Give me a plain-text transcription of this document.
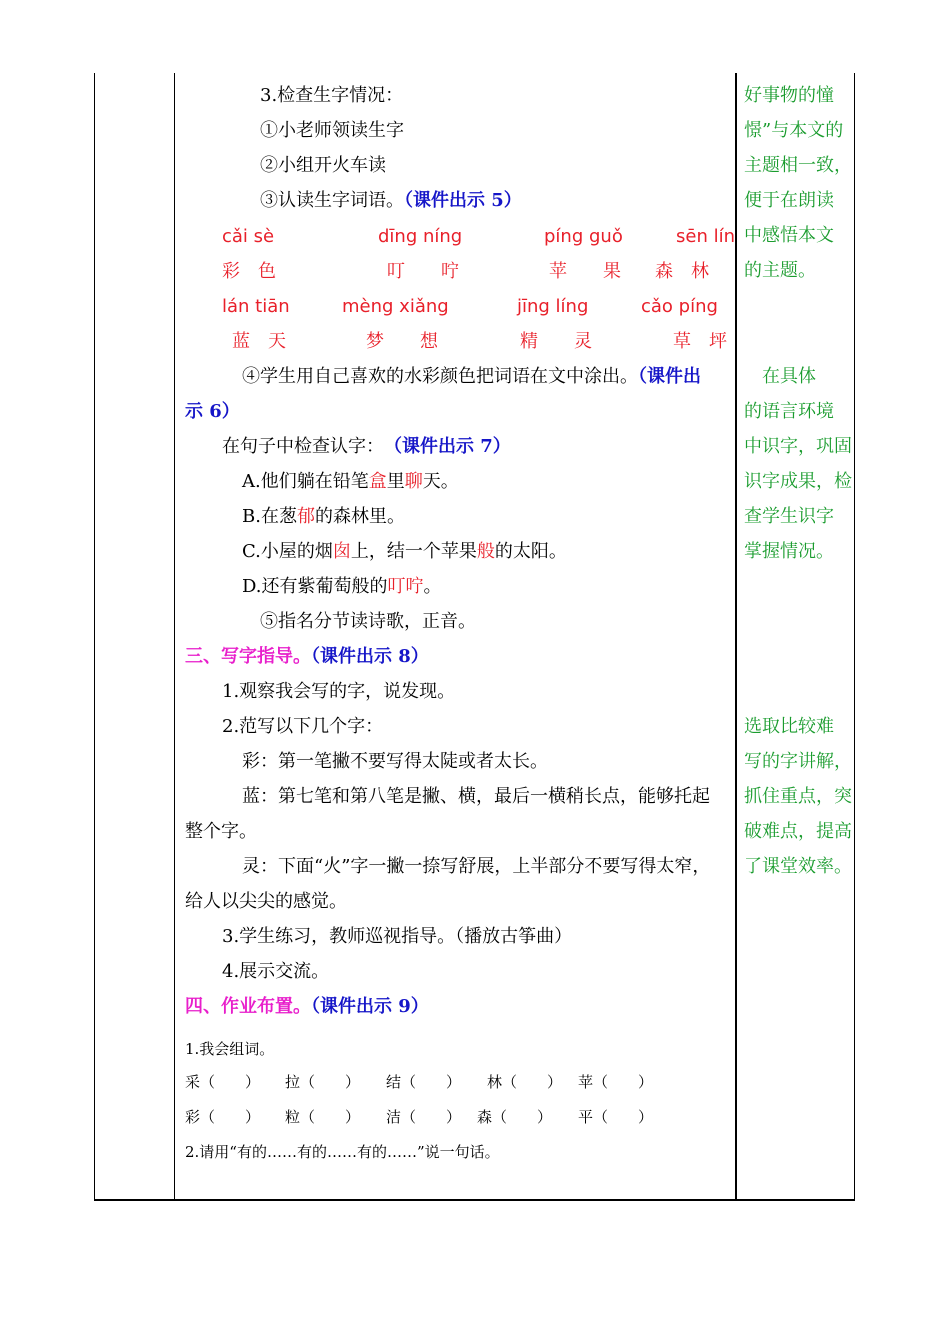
3.检查生字情况：
①小老师领读生字
②小组开火车读
③认读生字词语。（课件出示 5）
cǎi sè
彩　色
dīng níng
叮　　咛
píng guǒ
苹　　果
sēn lín
森　林
lán tiān
蓝　天
mèng xiǎng
梦　　想
jīng líng
精　　灵
cǎo píng
草　坪
④学生用自己喜欢的水彩颜色把词语在文中涂出。（课件出
示 6）
在句子中检查认字：　 （课件出示 7）
A.他们躺在铅笔盒里聊天。
B.在葱郁的森林里。
C.小屋的烟囱上，结一个苹果般的太阳。
D.还有紫葡萄般的叮咛。
⑤指名分节读诗歌，正音。
三、写字指导。（课件出示 8）
1.观察我会写的字，说发现。
2.范写以下几个字：
彩：第一笔撇不要写得太陡或者太长。
蓝：第七笔和第八笔是撇、横，最后一横稍长点，能够托起
整个字。
灵：下面“火”字一撇一捺写舒展，上半部分不要写得太窄，
给人以尖尖的感觉。
3.学生练习，教师巡视指导。（播放古筝曲）
4.展示交流。
四、作业布置。（课件出示 9）
1.我会组词。
采（　　） 拉（　　） 结（　　） 林（　　） 苹（　　）
彩（　　） 粒（　　） 洁（　　） 森（　　） 平（　　）
2.请用“有的……有的……有的……”说一句话。
好事物的憧
憬”与本文的
主题相一致，
便于在朗读
中感悟本文
的主题。
　在具体
的语言环境
中识字，巩固
识字成果，检
查学生识字
掌握情况。
选取比较难
写的字讲解，
抓住重点，突
破难点，提高
了课堂效率。
